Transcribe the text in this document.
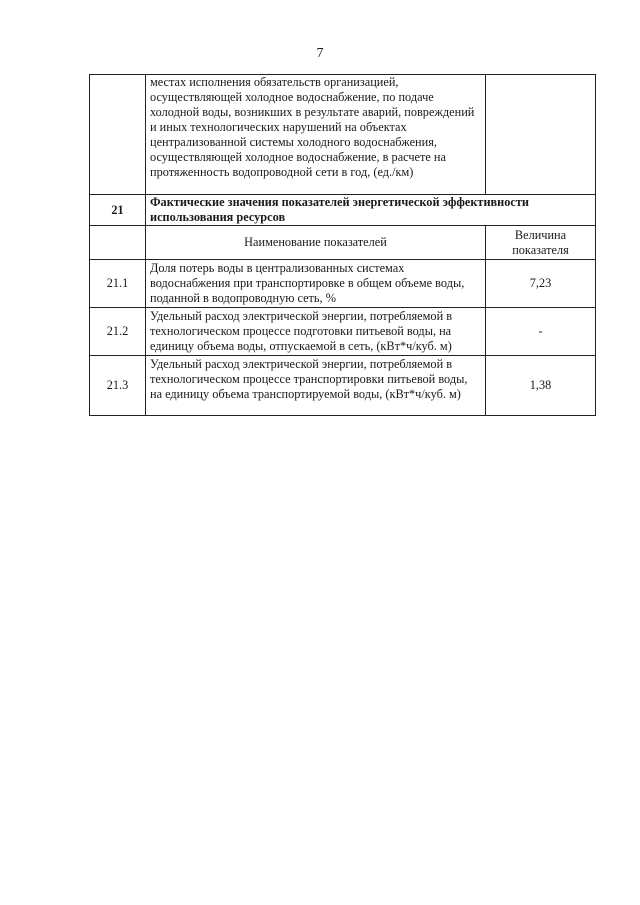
7
	местах исполнения обязательств организацией, осуществляющей холодное водоснабжение, по подаче холодной воды, возникших в результате аварий, повреждений и иных технологических нарушений на объектах централизованной системы холодного водоснабжения, осуществляющей холодное водоснабжение, в расчете на протяженность водопроводной сети в год, (ед./км)	
21	Фактические значения показателей энергетической эффективности использования ресурсов	
	Наименование показателей	Величина показателя
21.1	Доля потерь воды в централизованных системах водоснабжения при транспортировке в общем объеме воды, поданной в водопроводную сеть, %	7,23
21.2	Удельный расход электрической энергии, потребляемой в технологическом процессе подготовки питьевой воды, на единицу объема воды, отпускаемой в сеть, (кВт*ч/куб. м)	-
21.3	Удельный расход электрической энергии, потребляемой в технологическом процессе транспортировки питьевой воды, на единицу объема транспортируемой воды, (кВт*ч/куб. м)	1,38
